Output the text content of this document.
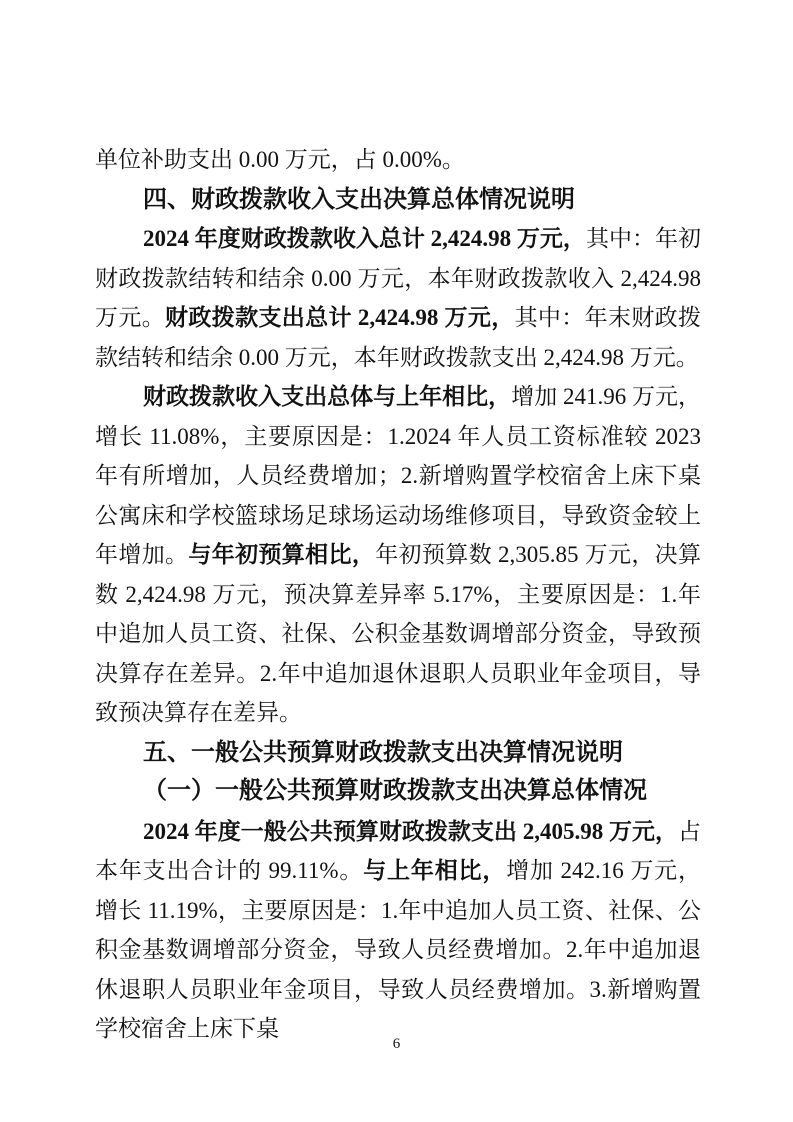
单位补助支出 0.00 万元，占 0.00%。

四、财政拨款收入支出决算总体情况说明

2024 年度财政拨款收入总计 2,424.98 万元，其中：年初财政拨款结转和结余 0.00 万元，本年财政拨款收入 2,424.98 万元。财政拨款支出总计 2,424.98 万元，其中：年末财政拨款结转和结余 0.00 万元，本年财政拨款支出 2,424.98 万元。

财政拨款收入支出总体与上年相比，增加 241.96 万元，增长 11.08%，主要原因是：1.2024 年人员工资标准较 2023 年有所增加，人员经费增加；2.新增购置学校宿舍上床下桌公寓床和学校篮球场足球场运动场维修项目，导致资金较上年增加。与年初预算相比，年初预算数 2,305.85 万元，决算数 2,424.98 万元，预决算差异率 5.17%，主要原因是：1.年中追加人员工资、社保、公积金基数调增部分资金，导致预决算存在差异。2.年中追加退休退职人员职业年金项目，导致预决算存在差异。

五、一般公共预算财政拨款支出决算情况说明

（一）一般公共预算财政拨款支出决算总体情况

2024 年度一般公共预算财政拨款支出 2,405.98 万元，占本年支出合计的 99.11%。与上年相比，增加 242.16 万元，增长 11.19%，主要原因是：1.年中追加人员工资、社保、公积金基数调增部分资金，导致人员经费增加。2.年中追加退休退职人员职业年金项目，导致人员经费增加。3.新增购置学校宿舍上床下桌

6
